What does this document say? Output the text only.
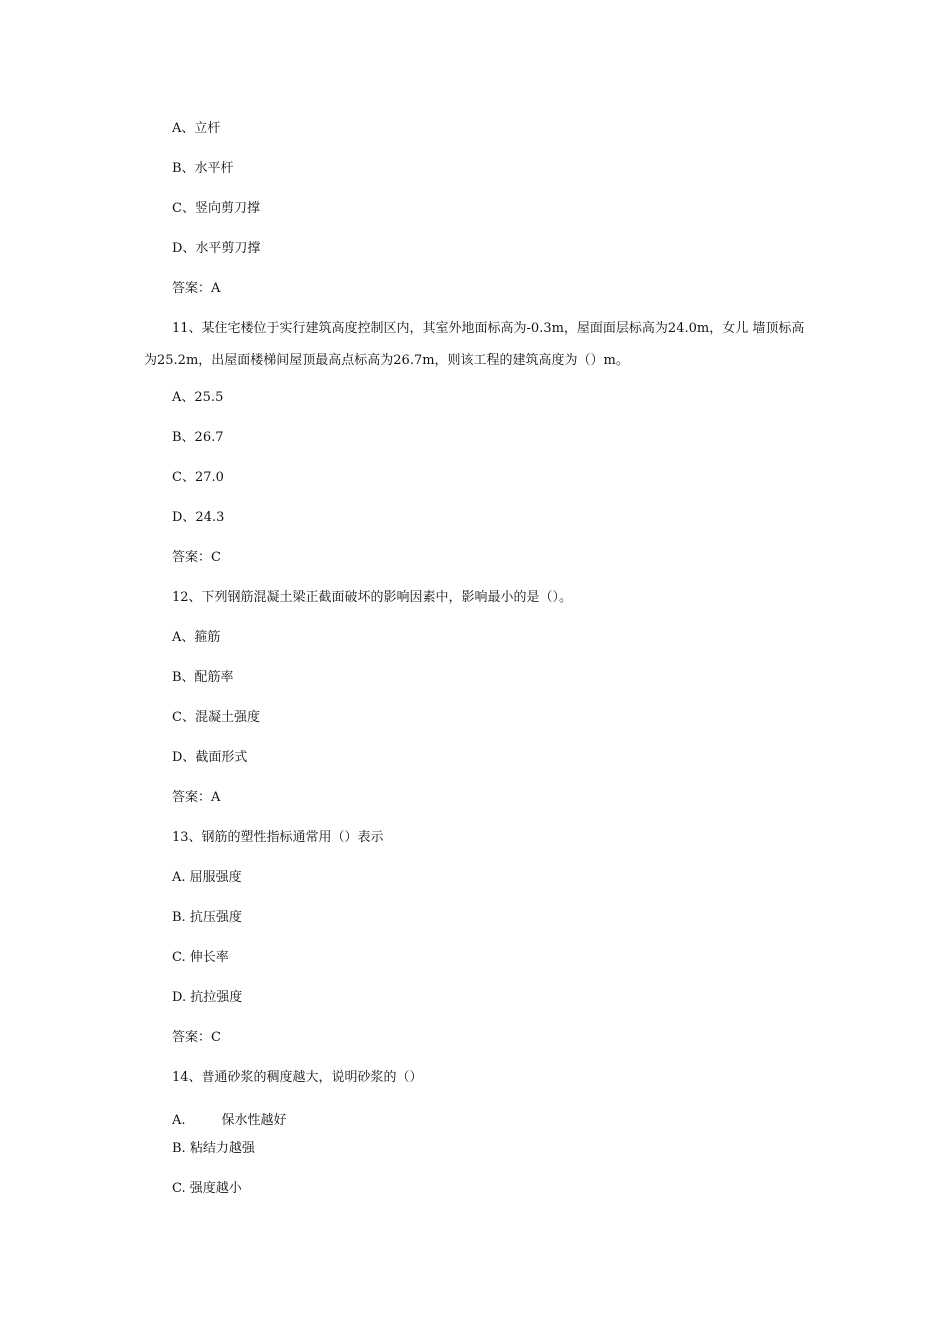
A、立杆
B、水平杆
C、竖向剪刀撑
D、水平剪刀撑
答案：A
11、某住宅楼位于实行建筑高度控制区内，其室外地面标高为-0.3m，屋面面层标高为24.0m，女儿 墙顶标高为25.2m，出屋面楼梯间屋顶最高点标高为26.7m，则该工程的建筑高度为（）m。
A、25.5
B、26.7
C、27.0
D、24.3
答案：C
12、下列钢筋混凝土梁正截面破坏的影响因素中，影响最小的是（）。
A、箍筋
B、配筋率
C、混凝土强度
D、截面形式
答案：A
13、钢筋的塑性指标通常用（）表示
A. 屈服强度
B. 抗压强度
C. 伸长率
D. 抗拉强度
答案：C
14、普通砂浆的稠度越大，说明砂浆的（）
A.	保水性越好
B. 粘结力越强
C. 强度越小
